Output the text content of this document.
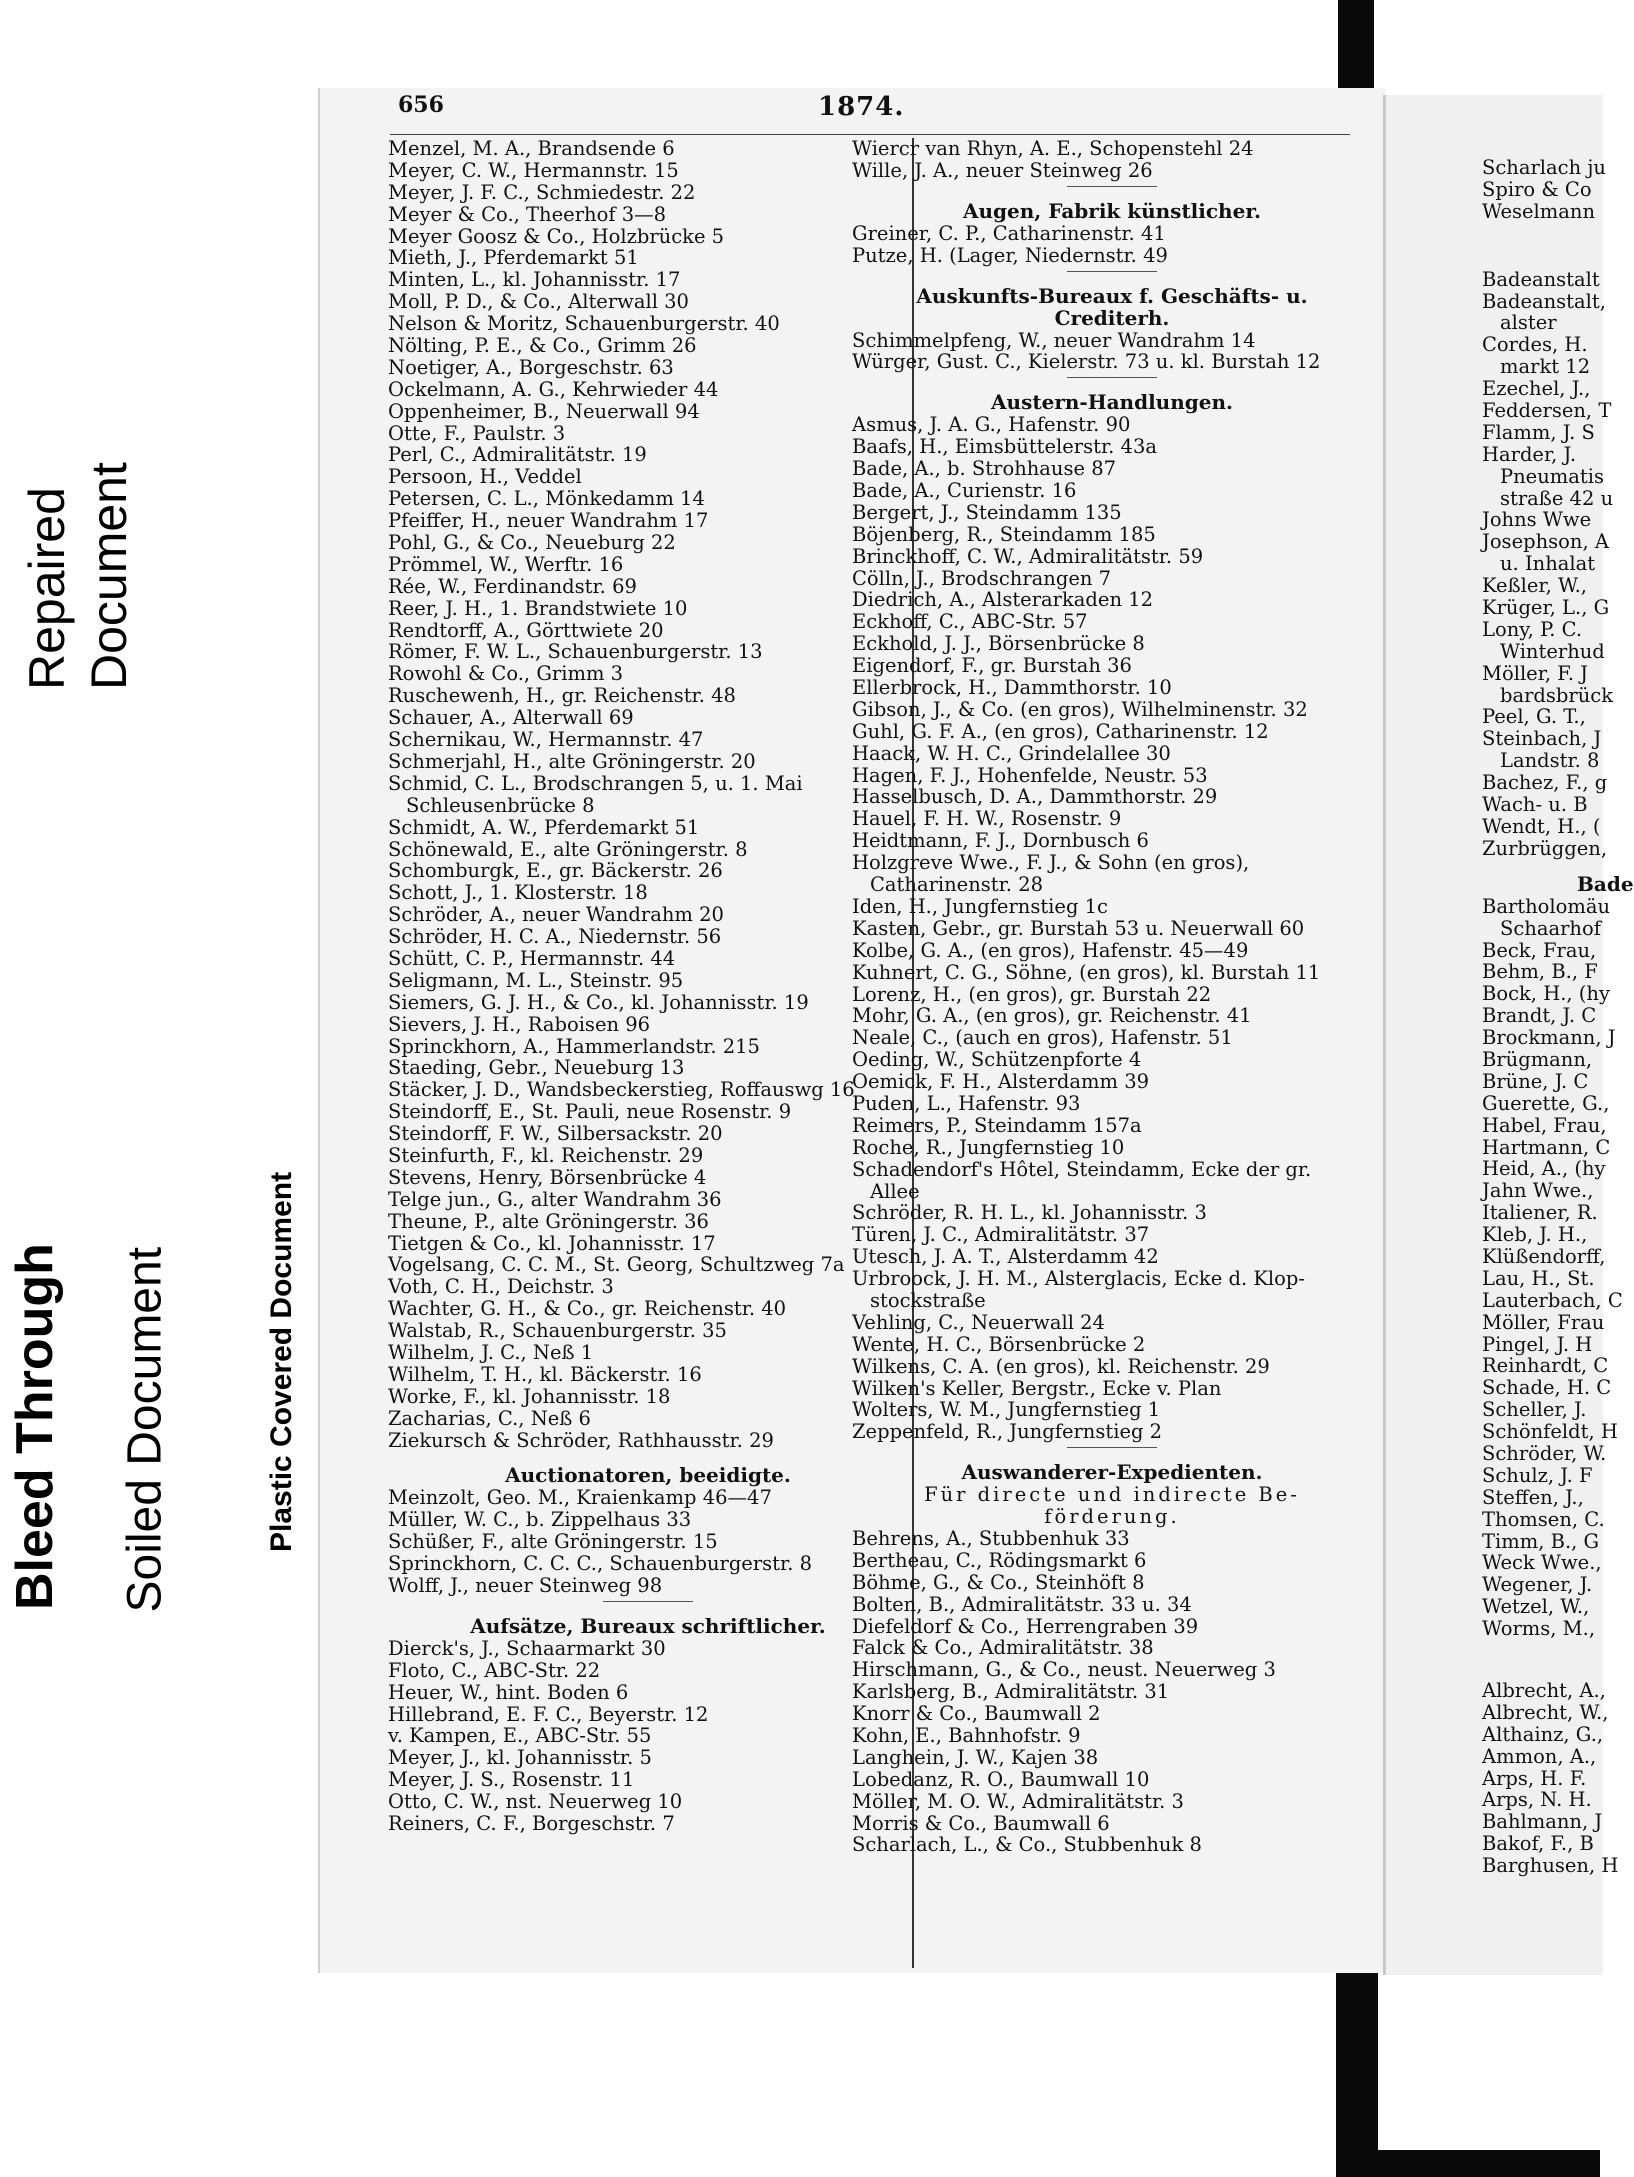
Repaired Document
Bleed Through Soiled Document	Plastic Covered Document
656	1874.
Menzel, M. A., Brandsende 6
Meyer, C. W., Hermannstr. 15
Meyer, J. F. C., Schmiedestr. 22
Meyer & Co., Theerhof 3—8
Meyer Goosz & Co., Holzbrücke 5
Mieth, J., Pferdemarkt 51
Minten, L., kl. Johannisstr. 17
Moll, P. D., & Co., Alterwall 30
Nelson & Moritz, Schauenburgerstr. 40
Nölting, P. E., & Co., Grimm 26
Noetiger, A., Borgeschstr. 63
Ockelmann, A. G., Kehrwieder 44
Oppenheimer, B., Neuerwall 94
Otte, F., Paulstr. 3
Perl, C., Admiralitätstr. 19
Persoon, H., Veddel
Petersen, C. L., Mönkedamm 14
Pfeiffer, H., neuer Wandrahm 17
Pohl, G., & Co., Neueburg 22
Prömmel, W., Werftr. 16
Rée, W., Ferdinandstr. 69
Reer, J. H., 1. Brandstwiete 10
Rendtorff, A., Görttwiete 20
Römer, F. W. L., Schauenburgerstr. 13
Rowohl & Co., Grimm 3
Ruschewenh, H., gr. Reichenstr. 48
Schauer, A., Alterwall 69
Schernikau, W., Hermannstr. 47
Schmerjahl, H., alte Gröningerstr. 20
Schmid, C. L., Brodschrangen 5, u. 1. Mai
Schleusenbrücke 8
Schmidt, A. W., Pferdemarkt 51
Schönewald, E., alte Gröningerstr. 8
Schomburgk, E., gr. Bäckerstr. 26
Schott, J., 1. Klosterstr. 18
Schröder, A., neuer Wandrahm 20
Schröder, H. C. A., Niedernstr. 56
Schütt, C. P., Hermannstr. 44
Seligmann, M. L., Steinstr. 95
Siemers, G. J. H., & Co., kl. Johannisstr. 19
Sievers, J. H., Raboisen 96
Sprinckhorn, A., Hammerlandstr. 215
Staeding, Gebr., Neueburg 13
Stäcker, J. D., Wandsbeckerstieg, Roffauswg 16
Steindorff, E., St. Pauli, neue Rosenstr. 9
Steindorff, F. W., Silbersackstr. 20
Steinfurth, F., kl. Reichenstr. 29
Stevens, Henry, Börsenbrücke 4
Telge jun., G., alter Wandrahm 36
Theune, P., alte Gröningerstr. 36
Tietgen & Co., kl. Johannisstr. 17
Vogelsang, C. C. M., St. Georg, Schultzweg 7a
Voth, C. H., Deichstr. 3
Wachter, G. H., & Co., gr. Reichenstr. 40
Walstab, R., Schauenburgerstr. 35
Wilhelm, J. C., Neß 1
Wilhelm, T. H., kl. Bäckerstr. 16
Worke, F., kl. Johannisstr. 18
Zacharias, C., Neß 6
Ziekursch & Schröder, Rathhausstr. 29
Auctionatoren, beeidigte.
Meinzolt, Geo. M., Kraienkamp 46—47
Müller, W. C., b. Zippelhaus 33
Schüßer, F., alte Gröningerstr. 15
Sprinckhorn, C. C. C., Schauenburgerstr. 8
Wolff, J., neuer Steinweg 98
Aufsätze, Bureaux schriftlicher.
Dierck's, J., Schaarmarkt 30
Floto, C., ABC-Str. 22
Heuer, W., hint. Boden 6
Hillebrand, E. F. C., Beyerstr. 12
v. Kampen, E., ABC-Str. 55
Meyer, J., kl. Johannisstr. 5
Meyer, J. S., Rosenstr. 11
Otto, C. W., nst. Neuerweg 10
Reiners, C. F., Borgeschstr. 7
Wiercr van Rhyn, A. E., Schopenstehl 24
Wille, J. A., neuer Steinweg 26
Augen, Fabrik künstlicher.
Greiner, C. P., Catharinenstr. 41
Putze, H. (Lager, Niedernstr. 49
Auskunfts-Bureaux f. Geschäfts- u.
Crediterh.
Schimmelpfeng, W., neuer Wandrahm 14
Würger, Gust. C., Kielerstr. 73 u. kl. Burstah 12
Austern-Handlungen.
Asmus, J. A. G., Hafenstr. 90
Baafs, H., Eimsbüttelerstr. 43a
Bade, A., b. Strohhause 87
Bade, A., Curienstr. 16
Bergert, J., Steindamm 135
Böjenberg, R., Steindamm 185
Brinckhoff, C. W., Admiralitätstr. 59
Cölln, J., Brodschrangen 7
Diedrich, A., Alsterarkaden 12
Eckhoff, C., ABC-Str. 57
Eckhold, J. J., Börsenbrücke 8
Eigendorf, F., gr. Burstah 36
Ellerbrock, H., Dammthorstr. 10
Gibson, J., & Co. (en gros), Wilhelminenstr. 32
Guhl, G. F. A., (en gros), Catharinenstr. 12
Haack, W. H. C., Grindelallee 30
Hagen, F. J., Hohenfelde, Neustr. 53
Hasselbusch, D. A., Dammthorstr. 29
Hauel, F. H. W., Rosenstr. 9
Heidtmann, F. J., Dornbusch 6
Holzgreve Wwe., F. J., & Sohn (en gros),
Catharinenstr. 28
Iden, H., Jungfernstieg 1c
Kasten, Gebr., gr. Burstah 53 u. Neuerwall 60
Kolbe, G. A., (en gros), Hafenstr. 45—49
Kuhnert, C. G., Söhne, (en gros), kl. Burstah 11
Lorenz, H., (en gros), gr. Burstah 22
Mohr, G. A., (en gros), gr. Reichenstr. 41
Neale, C., (auch en gros), Hafenstr. 51
Oeding, W., Schützenpforte 4
Oemick, F. H., Alsterdamm 39
Puden, L., Hafenstr. 93
Reimers, P., Steindamm 157a
Roche, R., Jungfernstieg 10
Schadendorf's Hôtel, Steindamm, Ecke der gr.
Allee
Schröder, R. H. L., kl. Johannisstr. 3
Türen, J. C., Admiralitätstr. 37
Utesch, J. A. T., Alsterdamm 42
Urbroock, J. H. M., Alsterglacis, Ecke d. Klop-
stockstraße
Vehling, C., Neuerwall 24
Wente, H. C., Börsenbrücke 2
Wilkens, C. A. (en gros), kl. Reichenstr. 29
Wilken's Keller, Bergstr., Ecke v. Plan
Wolters, W. M., Jungfernstieg 1
Zeppenfeld, R., Jungfernstieg 2
Auswanderer-Expedienten.
Für directe und indirecte Be-
förderung.
Behrens, A., Stubbenhuk 33
Bertheau, C., Rödingsmarkt 6
Böhme, G., & Co., Steinhöft 8
Bolten, B., Admiralitätstr. 33 u. 34
Diefeldorf & Co., Herrengraben 39
Falck & Co., Admiralitätstr. 38
Hirschmann, G., & Co., neust. Neuerweg 3
Karlsberg, B., Admiralitätstr. 31
Knorr & Co., Baumwall 2
Kohn, E., Bahnhofstr. 9
Langhein, J. W., Kajen 38
Lobedanz, R. O., Baumwall 10
Möller, M. O. W., Admiralitätstr. 3
Morris & Co., Baumwall 6
Scharlach, L., & Co., Stubbenhuk 8
Scharlach ju
Spiro & Co
Weselmann
Badeanstalt
Badeanstalt,
alster
Cordes, H.
markt 12
Ezechel, J.,
Feddersen, T
Flamm, J. S
Harder, J.
Pneumatis
straße 42 u
Johns Wwe
Josephson, A
u. Inhalat
Keßler, W.,
Krüger, L., G
Lony, P. C.
Winterhud
Möller, F. J
bardsbrück
Peel, G. T.,
Steinbach, J
Landstr. 8
Bachez, F., g
Wach- u. B
Wendt, H., (
Zurbrüggen,
Bade
Bartholomäu
Schaarhof
Beck, Frau,
Behm, B., F
Bock, H., (hy
Brandt, J. C
Brockmann, J
Brügmann,
Brüne, J. C
Guerette, G.,
Habel, Frau,
Hartmann, C
Heid, A., (hy
Jahn Wwe.,
Italiener, R.
Kleb, J. H.,
Klüßendorff,
Lau, H., St.
Lauterbach, C
Möller, Frau
Pingel, J. H
Reinhardt, C
Schade, H. C
Scheller, J.
Schönfeldt, H
Schröder, W.
Schulz, J. F
Steffen, J.,
Thomsen, C.
Timm, B., G
Weck Wwe.,
Wegener, J.
Wetzel, W.,
Worms, M.,
Albrecht, A.,
Albrecht, W.,
Althainz, G.,
Ammon, A.,
Arps, H. F.
Arps, N. H.
Bahlmann, J
Bakof, F., B
Barghusen, H
